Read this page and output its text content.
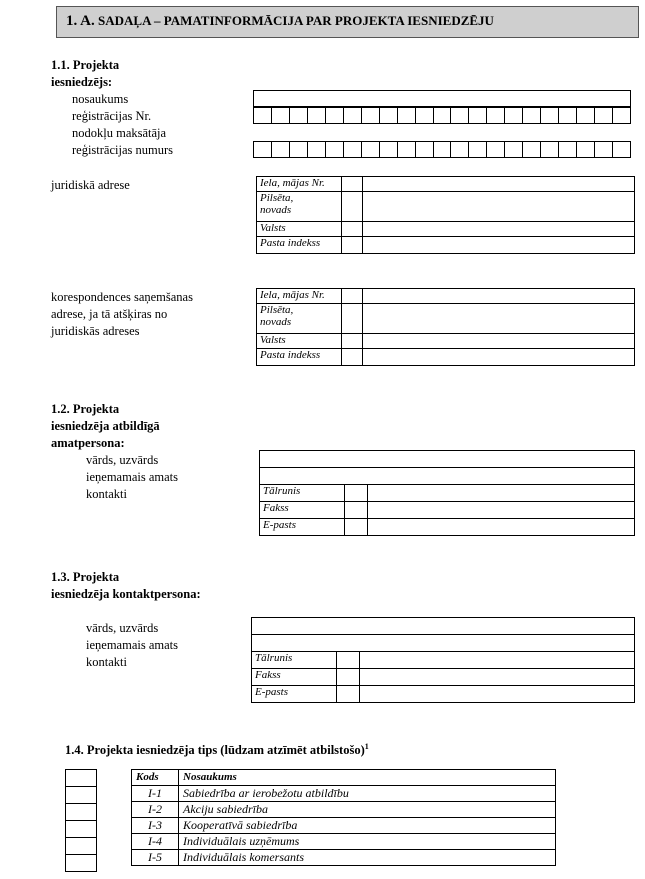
1. A. SADAĻA – PAMATINFORMĀCIJA PAR PROJEKTA IESNIEDZĒJU
1.1. Projekta
iesniedzējs:
nosaukums
reģistrācijas Nr.
nodokļu maksātāja
reģistrācijas numurs
juridiskā adrese	Iela, mājas Nr.		
Pilsēta,
novads		
Valsts		
Pasta indekss		
korespondences saņemšanas
adrese, ja tā atšķiras no
juridiskās adreses
Iela, mājas Nr.		
Pilsēta,
novads		
Valsts		
Pasta indekss		
1.2. Projekta
iesniedzēja atbildīgā
amatpersona:
vārds, uzvārds
ieņemamais amats
kontakti	Tālrunis		
Fakss		
E-pasts		
1.3. Projekta
iesniedzēja kontaktpersona:
vārds, uzvārds
ieņemamais amats
kontakti	Tālrunis		
Fakss		
E-pasts		
1.4. Projekta iesniedzēja tips (lūdzam atzīmēt atbilstošo)$^1$

Kods	Nosaukums
I-1	Sabiedrība ar ierobežotu atbildību
I-2	Akciju sabiedrība
I-3	Kooperatīvā sabiedrība
I-4	Individuālais uzņēmums
I-5	Individuālais komersants
